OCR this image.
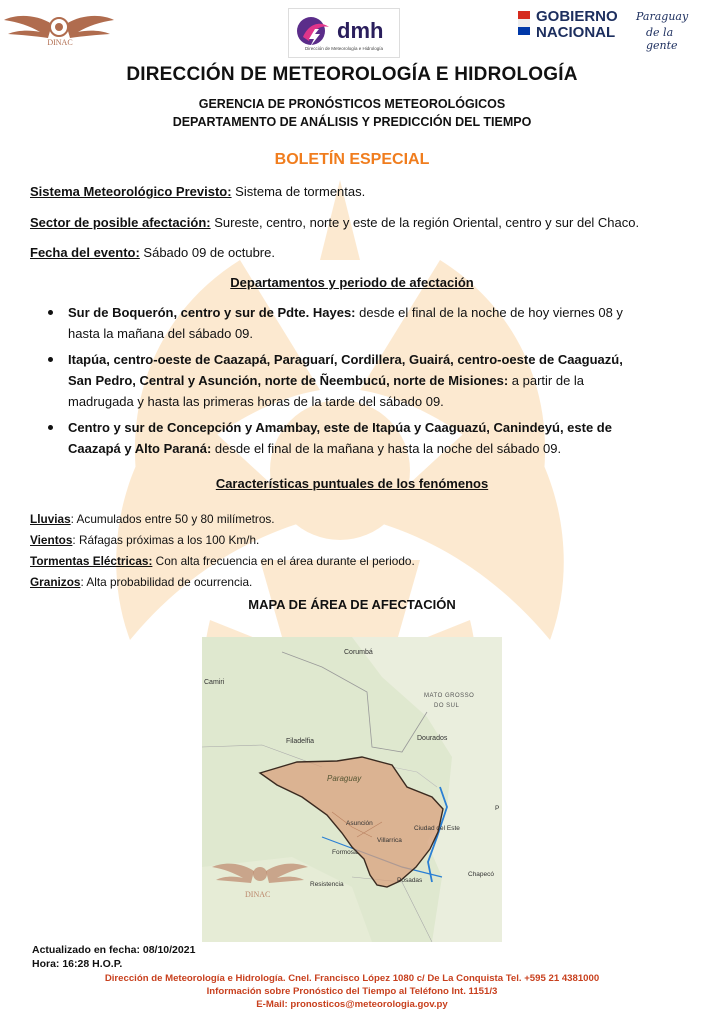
DINAC	dmh
Dirección de Meteorología e Hidrología
GOBIERNO
NACIONAL
Paraguay
de la gente
DIRECCIÓN DE METEOROLOGÍA E HIDROLOGÍA
GERENCIA DE PRONÓSTICOS METEOROLÓGICOS
DEPARTAMENTO DE ANÁLISIS Y PREDICCIÓN DEL TIEMPO
BOLETÍN ESPECIAL
Sistema Meteorológico Previsto: Sistema de tormentas.
Sector de posible afectación: Sureste, centro, norte y este de la región Oriental, centro y sur del Chaco.
Fecha del evento: Sábado 09 de octubre.
Departamentos y periodo de afectación
Sur de Boquerón, centro y sur de Pdte. Hayes: desde el final de la noche de hoy viernes 08 y hasta la mañana del sábado 09.
Itapúa, centro-oeste de Caazapá, Paraguarí, Cordillera, Guairá, centro-oeste de Caaguazú, San Pedro, Central y Asunción, norte de Ñeembucú, norte de Misiones: a partir de la madrugada y hasta las primeras horas de la tarde del sábado 09.
Centro y sur de Concepción y Amambay, este de Itapúa y Caaguazú, Canindeyú, este de Caazapá y Alto Paraná: desde el final de la mañana y hasta la noche del sábado 09.
Características puntuales de los fenómenos
Lluvias: Acumulados entre 50 y 80 milímetros.
Vientos: Ráfagas próximas a los 100 Km/h.
Tormentas Eléctricas: Con alta frecuencia en el área durante el periodo.
Granizos: Alta probabilidad de ocurrencia.
MAPA DE ÁREA DE AFECTACIÓN
Corumbá
Camiri
MATO GROSSO
DO SUL
Dourados
Filadelfia
Paraguay
Asunción
Villarrica
Ciudad del Este
Formosa
Resistencia
Posadas
Chapecó
P
DINAC
Actualizado en fecha: 08/10/2021
Hora: 16:28 H.O.P.
Dirección de Meteorología e Hidrología. Cnel. Francisco López 1080 c/ De La Conquista Tel. +595 21 4381000
Información sobre Pronóstico del Tiempo al Teléfono Int. 1151/3
E-Mail: pronosticos@meteorologia.gov.py
